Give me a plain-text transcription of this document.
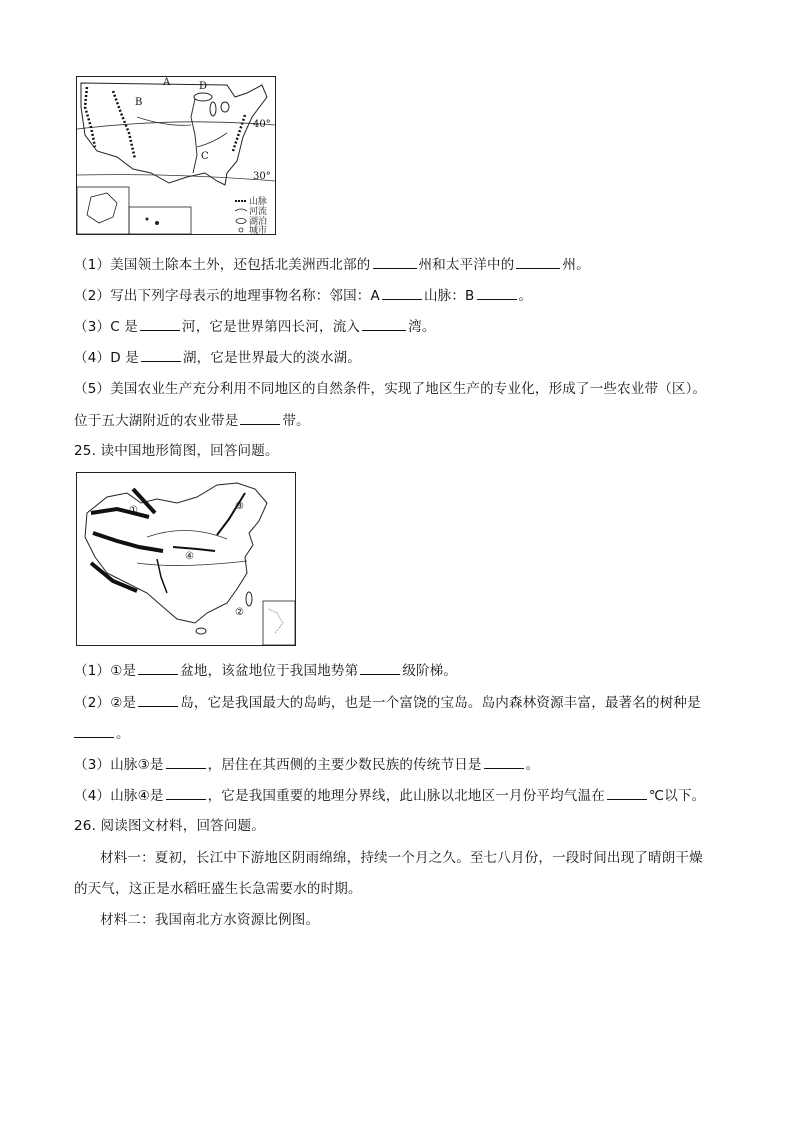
A
B
C
D
40°
30°
山脉
河流
湖泊
城市
（1）美国领土除本土外，还包括北美洲西北部的	州和太平洋中的	州。
（2）写出下列字母表示的地理事物名称：邻国：A	山脉：B	。
（3）C 是	河，它是世界第四长河，流入	湾。
（4）D 是	湖，它是世界最大的淡水湖。
（5）美国农业生产充分利用不同地区的自然条件，实现了地区生产的专业化，形成了一些农业带（区）。
位于五大湖附近的农业带是	带。
25. 读中国地形简图，回答问题。
①
②
③
④
（1）①是	盆地，该盆地位于我国地势第	级阶梯。
（2）②是	岛，它是我国最大的岛屿，也是一个富饶的宝岛。岛内森林资源丰富，最著名的树种是
。
（3）山脉③是	，居住在其西侧的主要少数民族的传统节日是	。
（4）山脉④是	，它是我国重要的地理分界线，此山脉以北地区一月份平均气温在	℃以下。
26. 阅读图文材料，回答问题。
材料一：夏初，长江中下游地区阴雨绵绵，持续一个月之久。至七八月份，一段时间出现了晴朗干燥
的天气，这正是水稻旺盛生长急需要水的时期。
材料二：我国南北方水资源比例图。
